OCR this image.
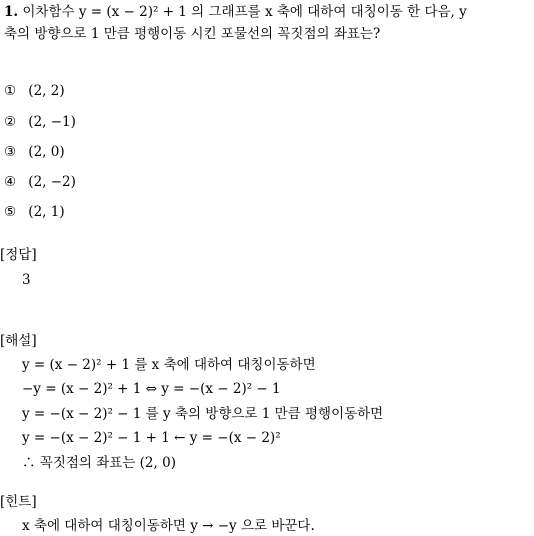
1. 이차함수 y = (x − 2)² + 1 의 그래프를 x 축에 대하여 대칭이동 한 다음, y
축의 방향으로 1 만큼 평행이동 시킨 포물선의 꼭짓점의 좌표는?
① (2, 2)
② (2, −1)
③ (2, 0)
④ (2, −2)
⑤ (2, 1)
[정답]
3
[해설]
y = (x − 2)² + 1 를 x 축에 대하여 대칭이동하면
−y = (x − 2)² + 1 ⇔ y = −(x − 2)² − 1
y = −(x − 2)² − 1 를 y 축의 방향으로 1 만큼 평행이동하면
y = −(x − 2)² − 1 + 1 ← y = −(x − 2)²
∴ 꼭짓점의 좌표는 (2, 0)
[힌트]
x 축에 대하여 대칭이동하면 y → −y 으로 바꾼다.
